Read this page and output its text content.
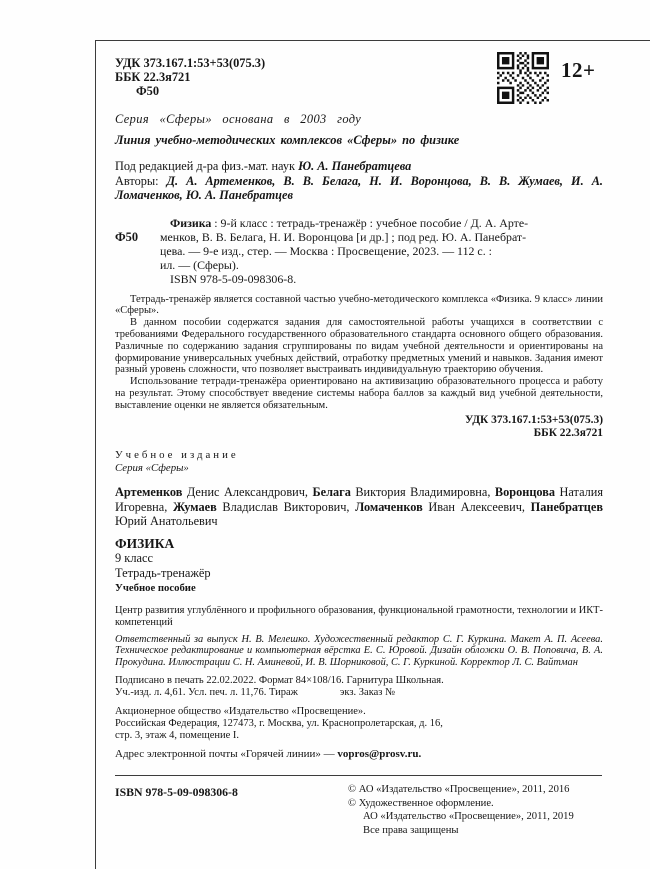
12+
УДК 373.167.1:53+53(075.3)
ББК 22.3я721
Ф50
Серия «Сферы» основана в 2003 году
Линия учебно-методических комплексов «Сферы» по физике
Под редакцией д-ра физ.-мат. наук Ю. А. Панебратцева
Авторы: Д. А. Артеменков, В. В. Белага, Н. И. Воронцова, В. В. Жумаев, И. А. Ломаченков, Ю. А. Панебратцев
Ф50
Физика : 9-й класс : тетрадь-тренажёр : учебное пособие / Д. А. Арте-
менков, В. В. Белага, Н. И. Воронцова [и др.] ; под ред. Ю. А. Панебрат-
цева. — 9-е изд., стер. — Москва : Просвещение, 2023. — 112 с. :
ил. — (Сферы).
ISBN 978-5-09-098306-8.

Тетрадь-тренажёр является составной частью учебно-методического комплекса «Физика. 9 класс» линии «Сферы».

В данном пособии содержатся задания для самостоятельной работы учащихся в соответствии с требованиями Федерального государственного образовательного стандарта основного общего образования. Различные по содержанию задания сгруппированы по видам учебной деятельности и ориентированы на формирование универсальных учебных действий, отработку предметных умений и навыков. Задания имеют разный уровень сложности, что позволяет выстраивать индивидуальную траекторию обучения.

Использование тетради-тренажёра ориентировано на активизацию образовательного процесса и работу на результат. Этому способствует введение системы набора баллов за каждый вид учебной деятельности, выставление оценки не является обязательным.

УДК 373.167.1:53+53(075.3)
ББК 22.3я721
Учебное издание
Серия «Сферы»
Артеменков Денис Александрович, Белага Виктория Владимировна, Воронцова Наталия Игоревна, Жумаев Владислав Викторович, Ломаченков Иван Алексеевич, Панебратцев Юрий Анатольевич
ФИЗИКА
9 класс
Тетрадь-тренажёр
Учебное пособие
Центр развития углублённого и профильного образования, функциональной грамотности, технологии и ИКТ-компетенций
Ответственный за выпуск Н. В. Мелешко. Художественный редактор С. Г. Куркина. Макет А. П. Асеева. Техническое редактирование и компьютерная вёрстка Е. С. Юровой. Дизайн обложки О. В. Поповича, В. А. Прокудина. Иллюстрации С. Н. Аминевой, И. В. Шорниковой, С. Г. Куркиной. Корректор Л. С. Вайтман
Подписано в печать 22.02.2022. Формат 84×108/16. Гарнитура Школьная.
Уч.-изд. л. 4,61. Усл. печ. л. 11,76. Тираж	экз. Заказ №
Акционерное общество «Издательство «Просвещение».
Российская Федерация, 127473, г. Москва, ул. Краснопролетарская, д. 16,
стр. 3, этаж 4, помещение I.
Адрес электронной почты «Горячей линии» — vopros@prosv.ru.
ISBN 978-5-09-098306-8	© АО «Издательство «Просвещение», 2011, 2016
© Художественное оформление.
АО «Издательство «Просвещение», 2011, 2019
Все права защищены
